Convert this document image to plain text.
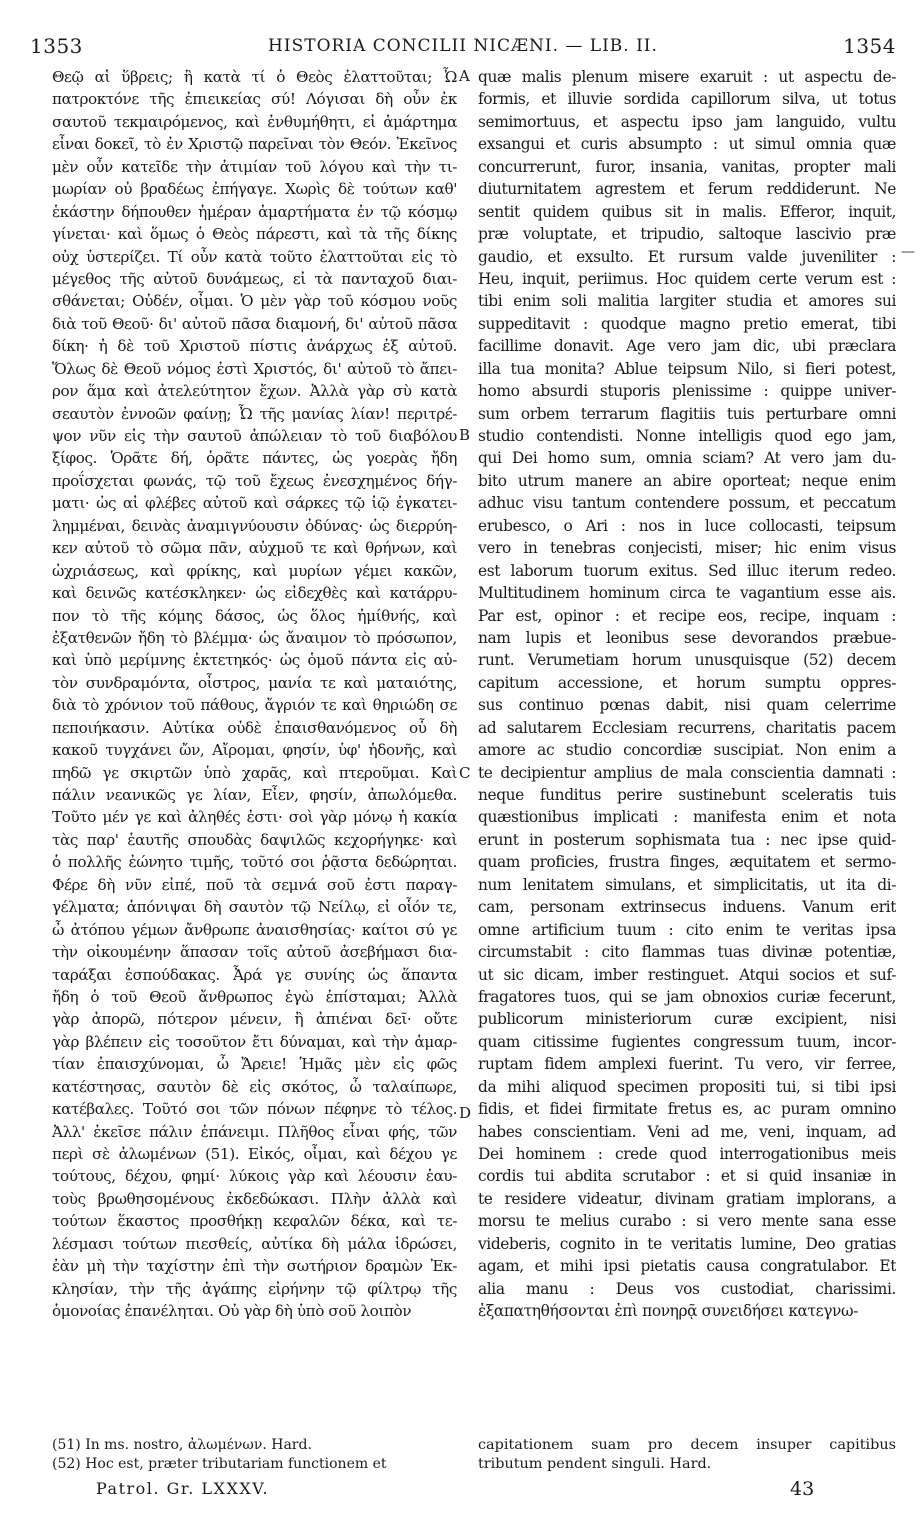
1353	HISTORIA CONCILII NICÆNI. — LIB. II.	1354
Θεῷ αἱ ὕβρεις; ἢ κατὰ τί ὁ Θεὸς ἐλαττοῦται; Ὦ
πατροκτόνε τῆς ἐπιεικείας σύ! Λόγισαι δὴ οὖν ἐκ
σαυτοῦ τεκμαιρόμενος, καὶ ἐνθυμήθητι, εἰ ἁμάρτημα
εἶναι δοκεῖ, τὸ ἐν Χριστῷ παρεῖναι τὸν Θεόν. Ἐκεῖνος
μὲν οὖν κατεῖδε τὴν ἀτιμίαν τοῦ λόγου καὶ τὴν τι-
μωρίαν οὐ βραδέως ἐπήγαγε. Χωρὶς δὲ τούτων καθ'
ἑκάστην δήπουθεν ἡμέραν ἁμαρτήματα ἐν τῷ κόσμῳ
γίνεται· καὶ ὅμως ὁ Θεὸς πάρεστι, καὶ τὰ τῆς δίκης
οὐχ ὑστερίζει. Τί οὖν κατὰ τοῦτο ἐλαττοῦται εἰς τὸ
μέγεθος τῆς αὐτοῦ δυνάμεως, εἰ τὰ πανταχοῦ διαι-
σθάνεται; Οὐδέν, οἶμαι. Ὁ μὲν γὰρ τοῦ κόσμου νοῦς
διὰ τοῦ Θεοῦ· δι' αὐτοῦ πᾶσα διαμονή, δι' αὐτοῦ πᾶσα
δίκη· ἡ δὲ τοῦ Χριστοῦ πίστις ἀνάρχως ἐξ αὐτοῦ.
Ὅλως δὲ Θεοῦ νόμος ἐστὶ Χριστός, δι' αὐτοῦ τὸ ἄπει-
ρον ἅμα καὶ ἀτελεύτητον ἔχων. Ἀλλὰ γὰρ σὺ κατὰ
σεαυτὸν ἐννοῶν φαίνῃ; Ὦ τῆς μανίας λίαν! περιτρέ-
ψον νῦν εἰς τὴν σαυτοῦ ἀπώλειαν τὸ τοῦ διαβόλου
ξίφος. Ὁρᾶτε δή, ὁρᾶτε πάντες, ὡς γοερὰς ἤδη
προΐσχεται φωνάς, τῷ τοῦ ἔχεως ἐνεσχημένος δήγ-
ματι· ὡς αἱ φλέβες αὐτοῦ καὶ σάρκες τῷ ἰῷ ἐγκατει-
λημμέναι, δεινὰς ἀναμιγνύουσιν ὀδύνας· ὡς διερρύη-
κεν αὐτοῦ τὸ σῶμα πᾶν, αὐχμοῦ τε καὶ θρήνων, καὶ
ὠχριάσεως, καὶ φρίκης, καὶ μυρίων γέμει κακῶν,
καὶ δεινῶς κατέσκληκεν· ὡς εἰδεχθὲς καὶ κατάρρυ-
πον τὸ τῆς κόμης δάσος, ὡς ὅλος ἠμίθνής, καὶ
ἐξατθενῶν ἤδη τὸ βλέμμα· ὡς ἄναιμον τὸ πρόσωπον,
καὶ ὑπὸ μερίμνης ἐκτετηκός· ὡς ὁμοῦ πάντα εἰς αὐ-
τὸν συνδραμόντα, οἶστρος, μανία τε καὶ ματαιότης,
διὰ τὸ χρόνιον τοῦ πάθους, ἄγριόν τε καὶ θηριώδη σε
πεποιήκασιν. Αὐτίκα οὐδὲ ἐπαισθανόμενος οὗ δὴ
κακοῦ τυγχάνει ὤν, Αἴρομαι, φησίν, ὑφ' ἡδονῆς, καὶ
πηδῶ γε σκιρτῶν ὑπὸ χαρᾶς, καὶ πτεροῦμαι. Καὶ
πάλιν νεανικῶς γε λίαν, Εἶεν, φησίν, ἀπωλόμεθα.
Τοῦτο μέν γε καὶ ἀληθές ἐστι· σοὶ γὰρ μόνῳ ἡ κακία
τὰς παρ' ἑαυτῆς σπουδὰς δαψιλῶς κεχορήγηκε· καὶ
ὁ πολλῆς ἐώνητο τιμῆς, τοῦτό σοι ῥᾷστα δεδώρηται.
Φέρε δὴ νῦν εἰπέ, ποῦ τὰ σεμνά σοῦ ἐστι παραγ-
γέλματα; ἀπόνιψαι δὴ σαυτὸν τῷ Νείλῳ, εἰ οἷόν τε,
ὦ ἀτόπου γέμων ἄνθρωπε ἀναισθησίας· καίτοι σύ γε
τὴν οἰκουμένην ἅπασαν τοῖς αὐτοῦ ἀσεβήμασι δια-
ταράξαι ἐσπούδακας. Ἆρά γε συνίης ὡς ἅπαντα
ἤδη ὁ τοῦ Θεοῦ ἄνθρωπος ἐγὼ ἐπίσταμαι; Ἀλλὰ
γὰρ ἀπορῶ, πότερον μένειν, ἢ ἀπιέναι δεῖ· οὔτε
γὰρ βλέπειν εἰς τοσοῦτον ἔτι δύναμαι, καὶ τὴν ἁμαρ-
τίαν ἐπαισχύνομαι, ὦ Ἄρειε! Ἡμᾶς μὲν εἰς φῶς
κατέστησας, σαυτὸν δὲ εἰς σκότος, ὦ ταλαίπωρε,
κατέβαλες. Τοῦτό σοι τῶν πόνων πέφηνε τὸ τέλος.
Ἀλλ' ἐκεῖσε πάλιν ἐπάνειμι. Πλῆθος εἶναι φής, τῶν
περὶ σὲ ἀλωμένων (51). Εἰκός, οἶμαι, καὶ δέχου γε
τούτους, δέχου, φημί· λύκοις γὰρ καὶ λέουσιν ἑαυ-
τοὺς βρωθησομένους ἐκδεδώκασι. Πλὴν ἀλλὰ καὶ
τούτων ἕκαστος προσθήκῃ κεφαλῶν δέκα, καὶ τε-
λέσμασι τούτων πιεσθείς, αὐτίκα δὴ μάλα ἱδρώσει,
ἐὰν μὴ τὴν ταχίστην ἐπὶ τὴν σωτήριον δραμὼν Ἐκ-
κλησίαν, τὴν τῆς ἀγάπης εἰρήνην τῷ φίλτρῳ τῆς
ὁμονοίας ἐπανέληται. Οὐ γὰρ δὴ ὑπὸ σοῦ λοιπὸν
quæ malis plenum misere exaruit : ut aspectu de-
formis, et illuvie sordida capillorum silva, ut totus
semimortuus, et aspectu ipso jam languido, vultu
exsangui et curis absumpto : ut simul omnia quæ
concurrerunt, furor, insania, vanitas, propter mali
diuturnitatem agrestem et ferum reddiderunt. Ne
sentit quidem quibus sit in malis. Efferor, inquit,
præ voluptate, et tripudio, saltoque lascivio præ
gaudio, et exsulto. Et rursum valde juveniliter :
Heu, inquit, periimus. Hoc quidem certe verum est :
tibi enim soli malitia largiter studia et amores sui
suppeditavit : quodque magno pretio emerat, tibi
facillime donavit. Age vero jam dic, ubi præclara
illa tua monita? Ablue teipsum Nilo, si fieri potest,
homo absurdi stuporis plenissime : quippe univer-
sum orbem terrarum flagitiis tuis perturbare omni
studio contendisti. Nonne intelligis quod ego jam,
qui Dei homo sum, omnia sciam? At vero jam du-
bito utrum manere an abire oporteat; neque enim
adhuc visu tantum contendere possum, et peccatum
erubesco, o Ari : nos in luce collocasti, teipsum
vero in tenebras conjecisti, miser; hic enim visus
est laborum tuorum exitus. Sed illuc iterum redeo.
Multitudinem hominum circa te vagantium esse ais.
Par est, opinor : et recipe eos, recipe, inquam :
nam lupis et leonibus sese devorandos præbue-
runt. Verumetiam horum unusquisque (52) decem
capitum accessione, et horum sumptu oppres-
sus continuo pœnas dabit, nisi quam celerrime
ad salutarem Ecclesiam recurrens, charitatis pacem
amore ac studio concordiæ suscipiat. Non enim a
te decipientur amplius de mala conscientia damnati :
neque funditus perire sustinebunt sceleratis tuis
quæstionibus implicati : manifesta enim et nota
erunt in posterum sophismata tua : nec ipse quid-
quam proficies, frustra finges, æquitatem et sermo-
num lenitatem simulans, et simplicitatis, ut ita di-
cam, personam extrinsecus induens. Vanum erit
omne artificium tuum : cito enim te veritas ipsa
circumstabit : cito flammas tuas divinæ potentiæ,
ut sic dicam, imber restinguet. Atqui socios et suf-
fragatores tuos, qui se jam obnoxios curiæ fecerunt,
publicorum ministeriorum curæ excipient, nisi
quam citissime fugientes congressum tuum, incor-
ruptam fidem amplexi fuerint. Tu vero, vir ferree,
da mihi aliquod specimen propositi tui, si tibi ipsi
fidis, et fidei firmitate fretus es, ac puram omnino
habes conscientiam. Veni ad me, veni, inquam, ad
Dei hominem : crede quod interrogationibus meis
cordis tui abdita scrutabor : et si quid insaniæ in
te residere videatur, divinam gratiam implorans, a
morsu te melius curabo : si vero mente sana esse
videberis, cognito in te veritatis lumine, Deo gratias
agam, et mihi ipsi pietatis causa congratulabor. Et
alia manu : Deus vos custodiat, charissimi.
ἐξαπατηθήσονται ἐπὶ πονηρᾷ συνειδήσει κατεγνω-
A
B
C
D
—
(51) In ms. nostro, ἀλωμένων. Hard.
(52) Hoc est, præter tributariam functionem et
Patrol. Gr. LXXXV.
capitationem suam pro decem insuper capitibus
tributum pendent singuli. Hard.
43
